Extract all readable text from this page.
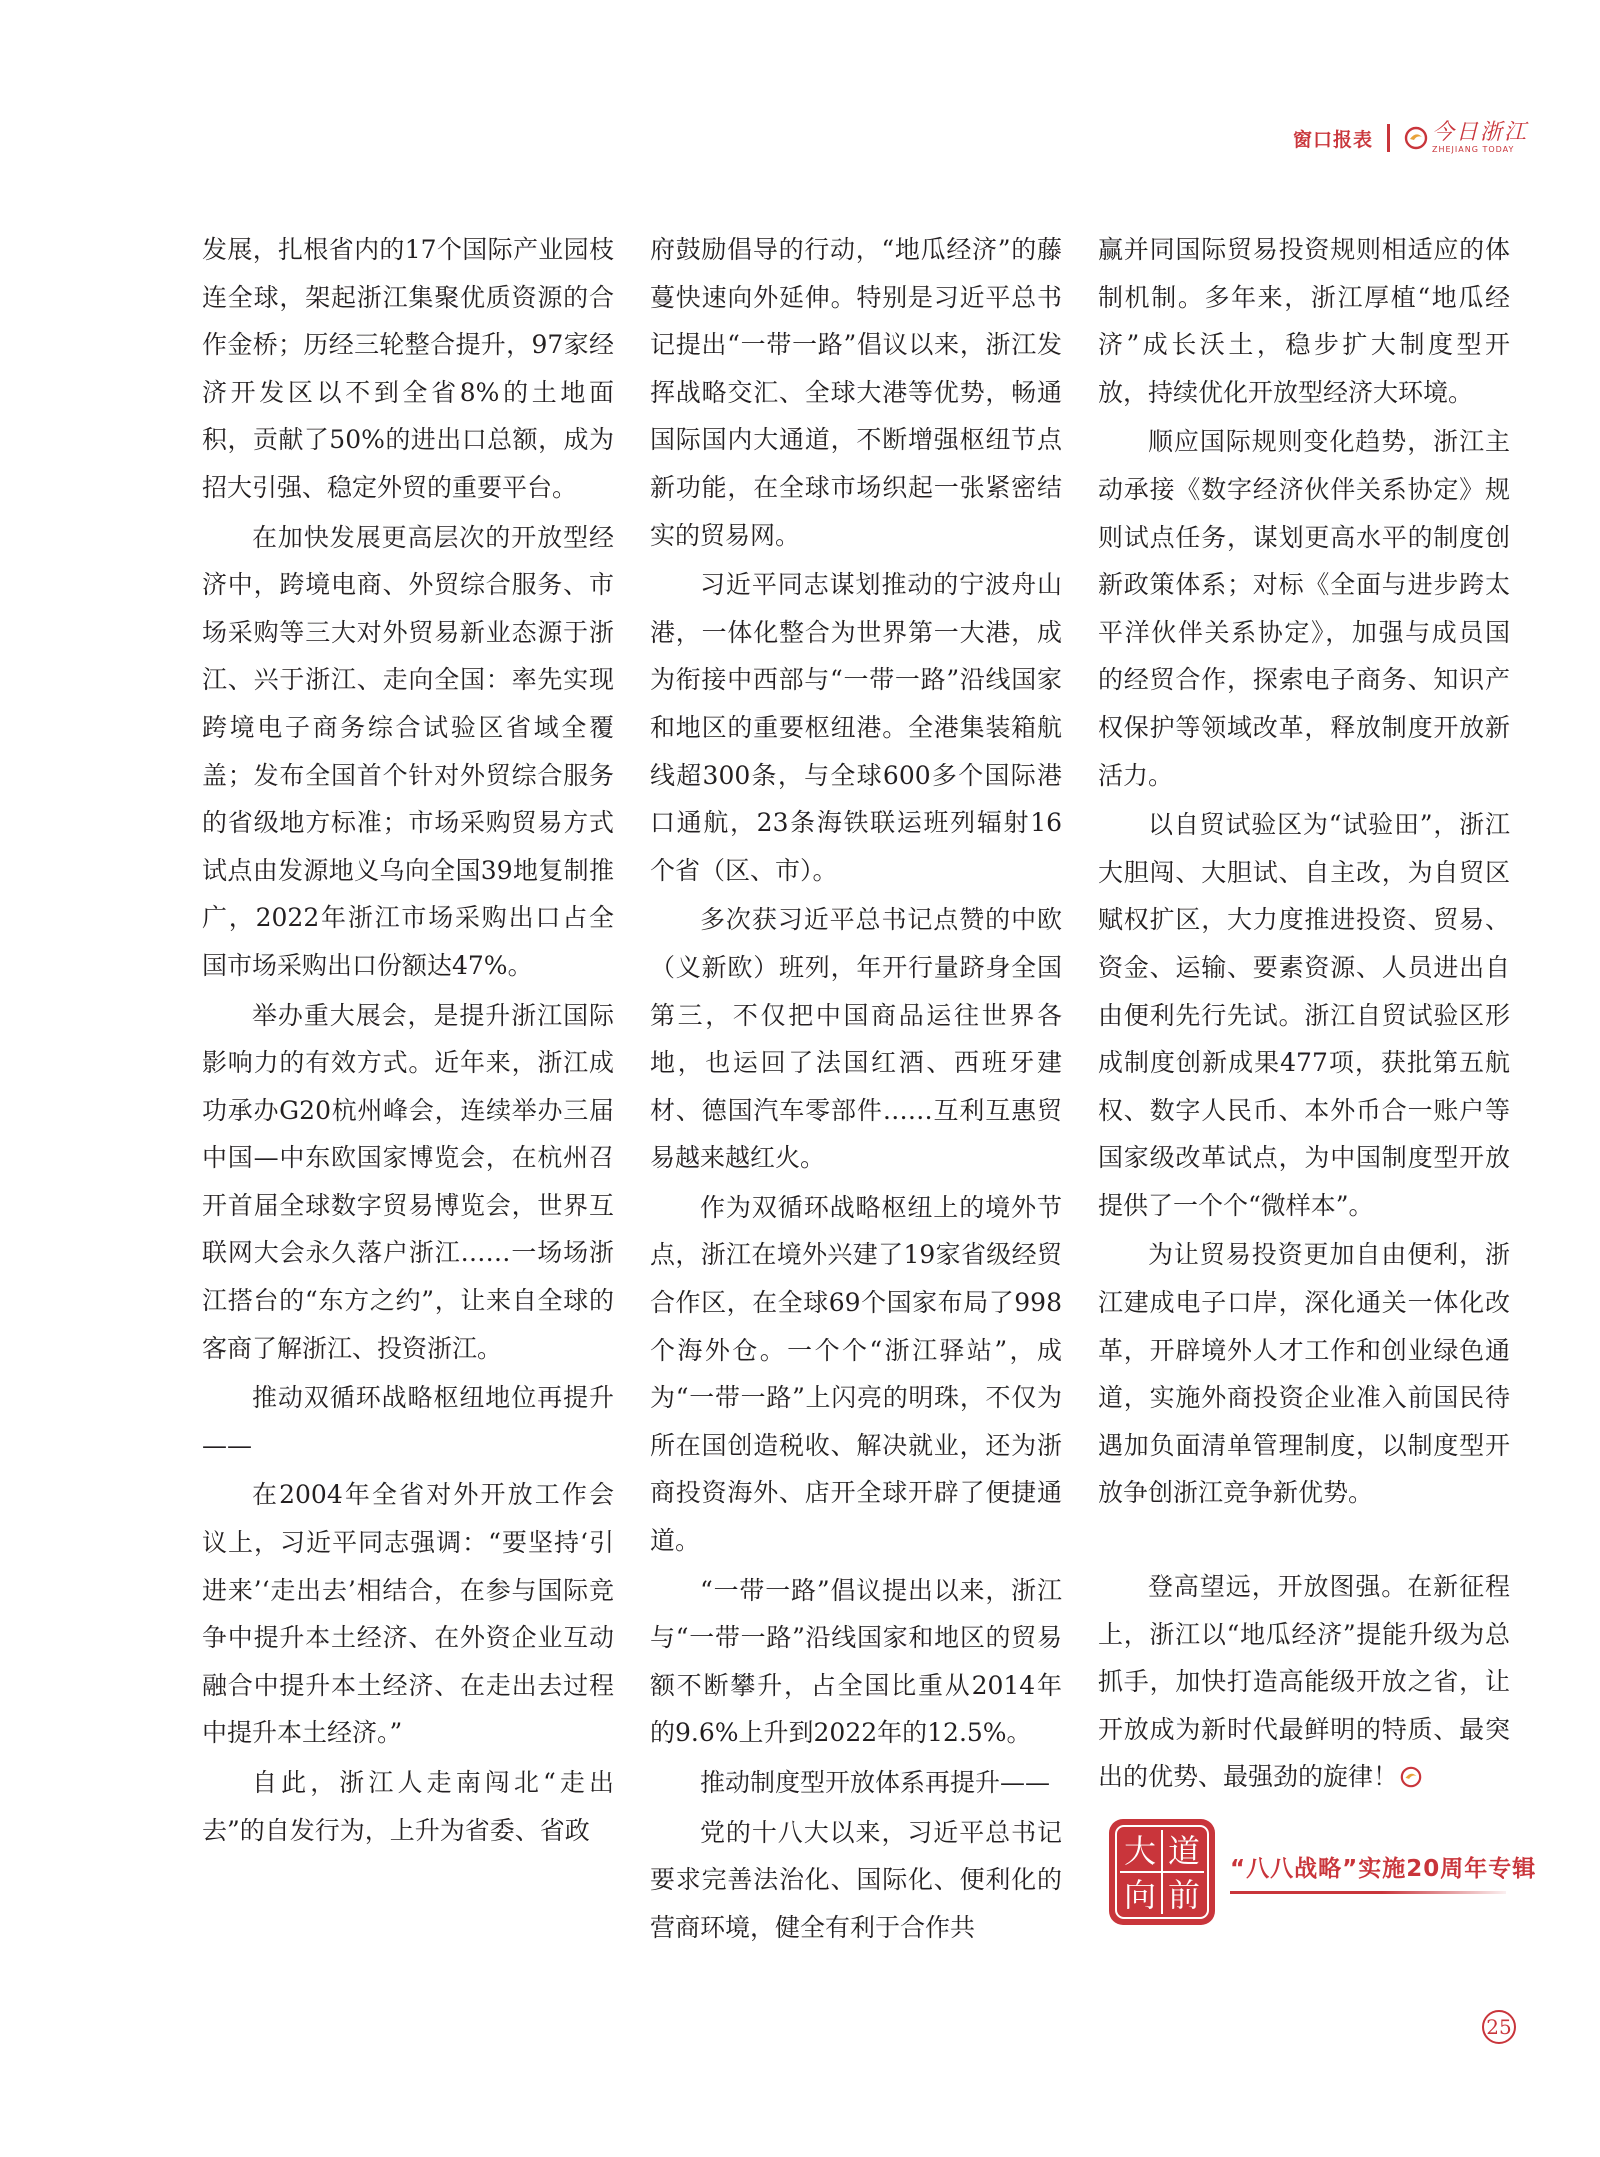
窗口报表	今日浙江
ZHEJIANG TODAY

发展，扎根省内的17个国际产业园枝连全球，架起浙江集聚优质资源的合作金桥；历经三轮整合提升，97家经济开发区以不到全省8%的土地面积，贡献了50%的进出口总额，成为招大引强、稳定外贸的重要平台。

在加快发展更高层次的开放型经济中，跨境电商、外贸综合服务、市场采购等三大对外贸易新业态源于浙江、兴于浙江、走向全国：率先实现跨境电子商务综合试验区省域全覆盖；发布全国首个针对外贸综合服务的省级地方标准；市场采购贸易方式试点由发源地义乌向全国39地复制推广，2022年浙江市场采购出口占全国市场采购出口份额达47%。

举办重大展会，是提升浙江国际影响力的有效方式。近年来，浙江成功承办G20杭州峰会，连续举办三届中国—中东欧国家博览会，在杭州召开首届全球数字贸易博览会，世界互联网大会永久落户浙江……一场场浙江搭台的“东方之约”，让来自全球的客商了解浙江、投资浙江。

推动双循环战略枢纽地位再提升——

在2004年全省对外开放工作会议上，习近平同志强调：“要坚持‘引进来’‘走出去’相结合，在参与国际竞争中提升本土经济、在外资企业互动融合中提升本土经济、在走出去过程中提升本土经济。”

自此，浙江人走南闯北“走出去”的自发行为，上升为省委、省政

府鼓励倡导的行动，“地瓜经济”的藤蔓快速向外延伸。特别是习近平总书记提出“一带一路”倡议以来，浙江发挥战略交汇、全球大港等优势，畅通国际国内大通道，不断增强枢纽节点新功能，在全球市场织起一张紧密结实的贸易网。

习近平同志谋划推动的宁波舟山港，一体化整合为世界第一大港，成为衔接中西部与“一带一路”沿线国家和地区的重要枢纽港。全港集装箱航线超300条，与全球600多个国际港口通航，23条海铁联运班列辐射16个省（区、市）。

多次获习近平总书记点赞的中欧（义新欧）班列，年开行量跻身全国第三，不仅把中国商品运往世界各地，也运回了法国红酒、西班牙建材、德国汽车零部件……互利互惠贸易越来越红火。

作为双循环战略枢纽上的境外节点，浙江在境外兴建了19家省级经贸合作区，在全球69个国家布局了998个海外仓。一个个“浙江驿站”，成为“一带一路”上闪亮的明珠，不仅为所在国创造税收、解决就业，还为浙商投资海外、店开全球开辟了便捷通道。

“一带一路”倡议提出以来，浙江与“一带一路”沿线国家和地区的贸易额不断攀升，占全国比重从2014年的9.6%上升到2022年的12.5%。

推动制度型开放体系再提升——

党的十八大以来，习近平总书记要求完善法治化、国际化、便利化的营商环境，健全有利于合作共

赢并同国际贸易投资规则相适应的体制机制。多年来，浙江厚植“地瓜经济”成长沃土，稳步扩大制度型开放，持续优化开放型经济大环境。

顺应国际规则变化趋势，浙江主动承接《数字经济伙伴关系协定》规则试点任务，谋划更高水平的制度创新政策体系；对标《全面与进步跨太平洋伙伴关系协定》，加强与成员国的经贸合作，探索电子商务、知识产权保护等领域改革，释放制度开放新活力。

以自贸试验区为“试验田”，浙江大胆闯、大胆试、自主改，为自贸区赋权扩区，大力度推进投资、贸易、资金、运输、要素资源、人员进出自由便利先行先试。浙江自贸试验区形成制度创新成果477项，获批第五航权、数字人民币、本外币合一账户等国家级改革试点，为中国制度型开放提供了一个个“微样本”。

为让贸易投资更加自由便利，浙江建成电子口岸，深化通关一体化改革，开辟境外人才工作和创业绿色通道，实施外商投资企业准入前国民待遇加负面清单管理制度，以制度型开放争创浙江竞争新优势。

登高望远，开放图强。在新征程上，浙江以“地瓜经济”提能升级为总抓手，加快打造高能级开放之省，让开放成为新时代最鲜明的特质、最突出的优势、最强劲的旋律！

大 道
向 前
“八八战略”实施20周年专辑
25
